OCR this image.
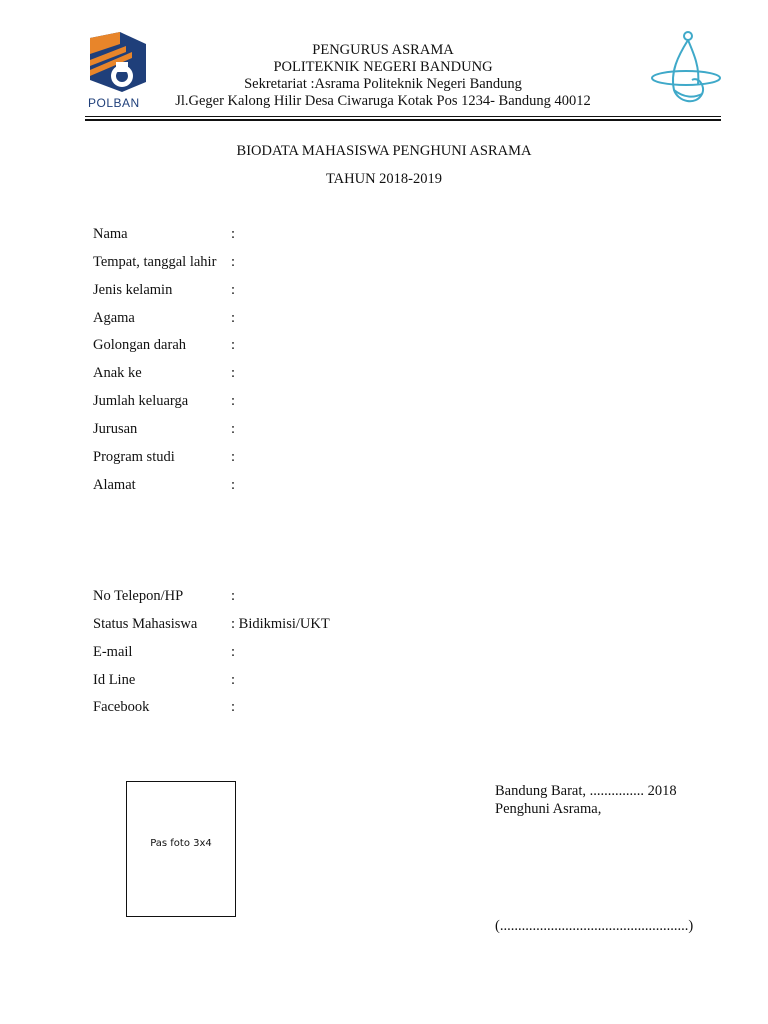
POLBAN
PENGURUS ASRAMA
POLITEKNIK NEGERI BANDUNG
Sekretariat :Asrama Politeknik Negeri Bandung
Jl.Geger Kalong Hilir Desa Ciwaruga Kotak Pos 1234- Bandung 40012
BIODATA MAHASISWA PENGHUNI ASRAMA
TAHUN 2018-2019
Nama	:
Tempat, tanggal lahir :
Jenis kelamin	:
Agama	:
Golongan darah	:
Anak ke	:
Jumlah keluarga	:
Jurusan	:
Program studi	:
Alamat	:
No Telepon/HP	:
Status Mahasiswa : Bidikmisi/UKT
E-mail	:
Id Line	:
Facebook	:
Pas foto 3x4
Bandung Barat, ............... 2018
Penghuni Asrama,
(....................................................)
